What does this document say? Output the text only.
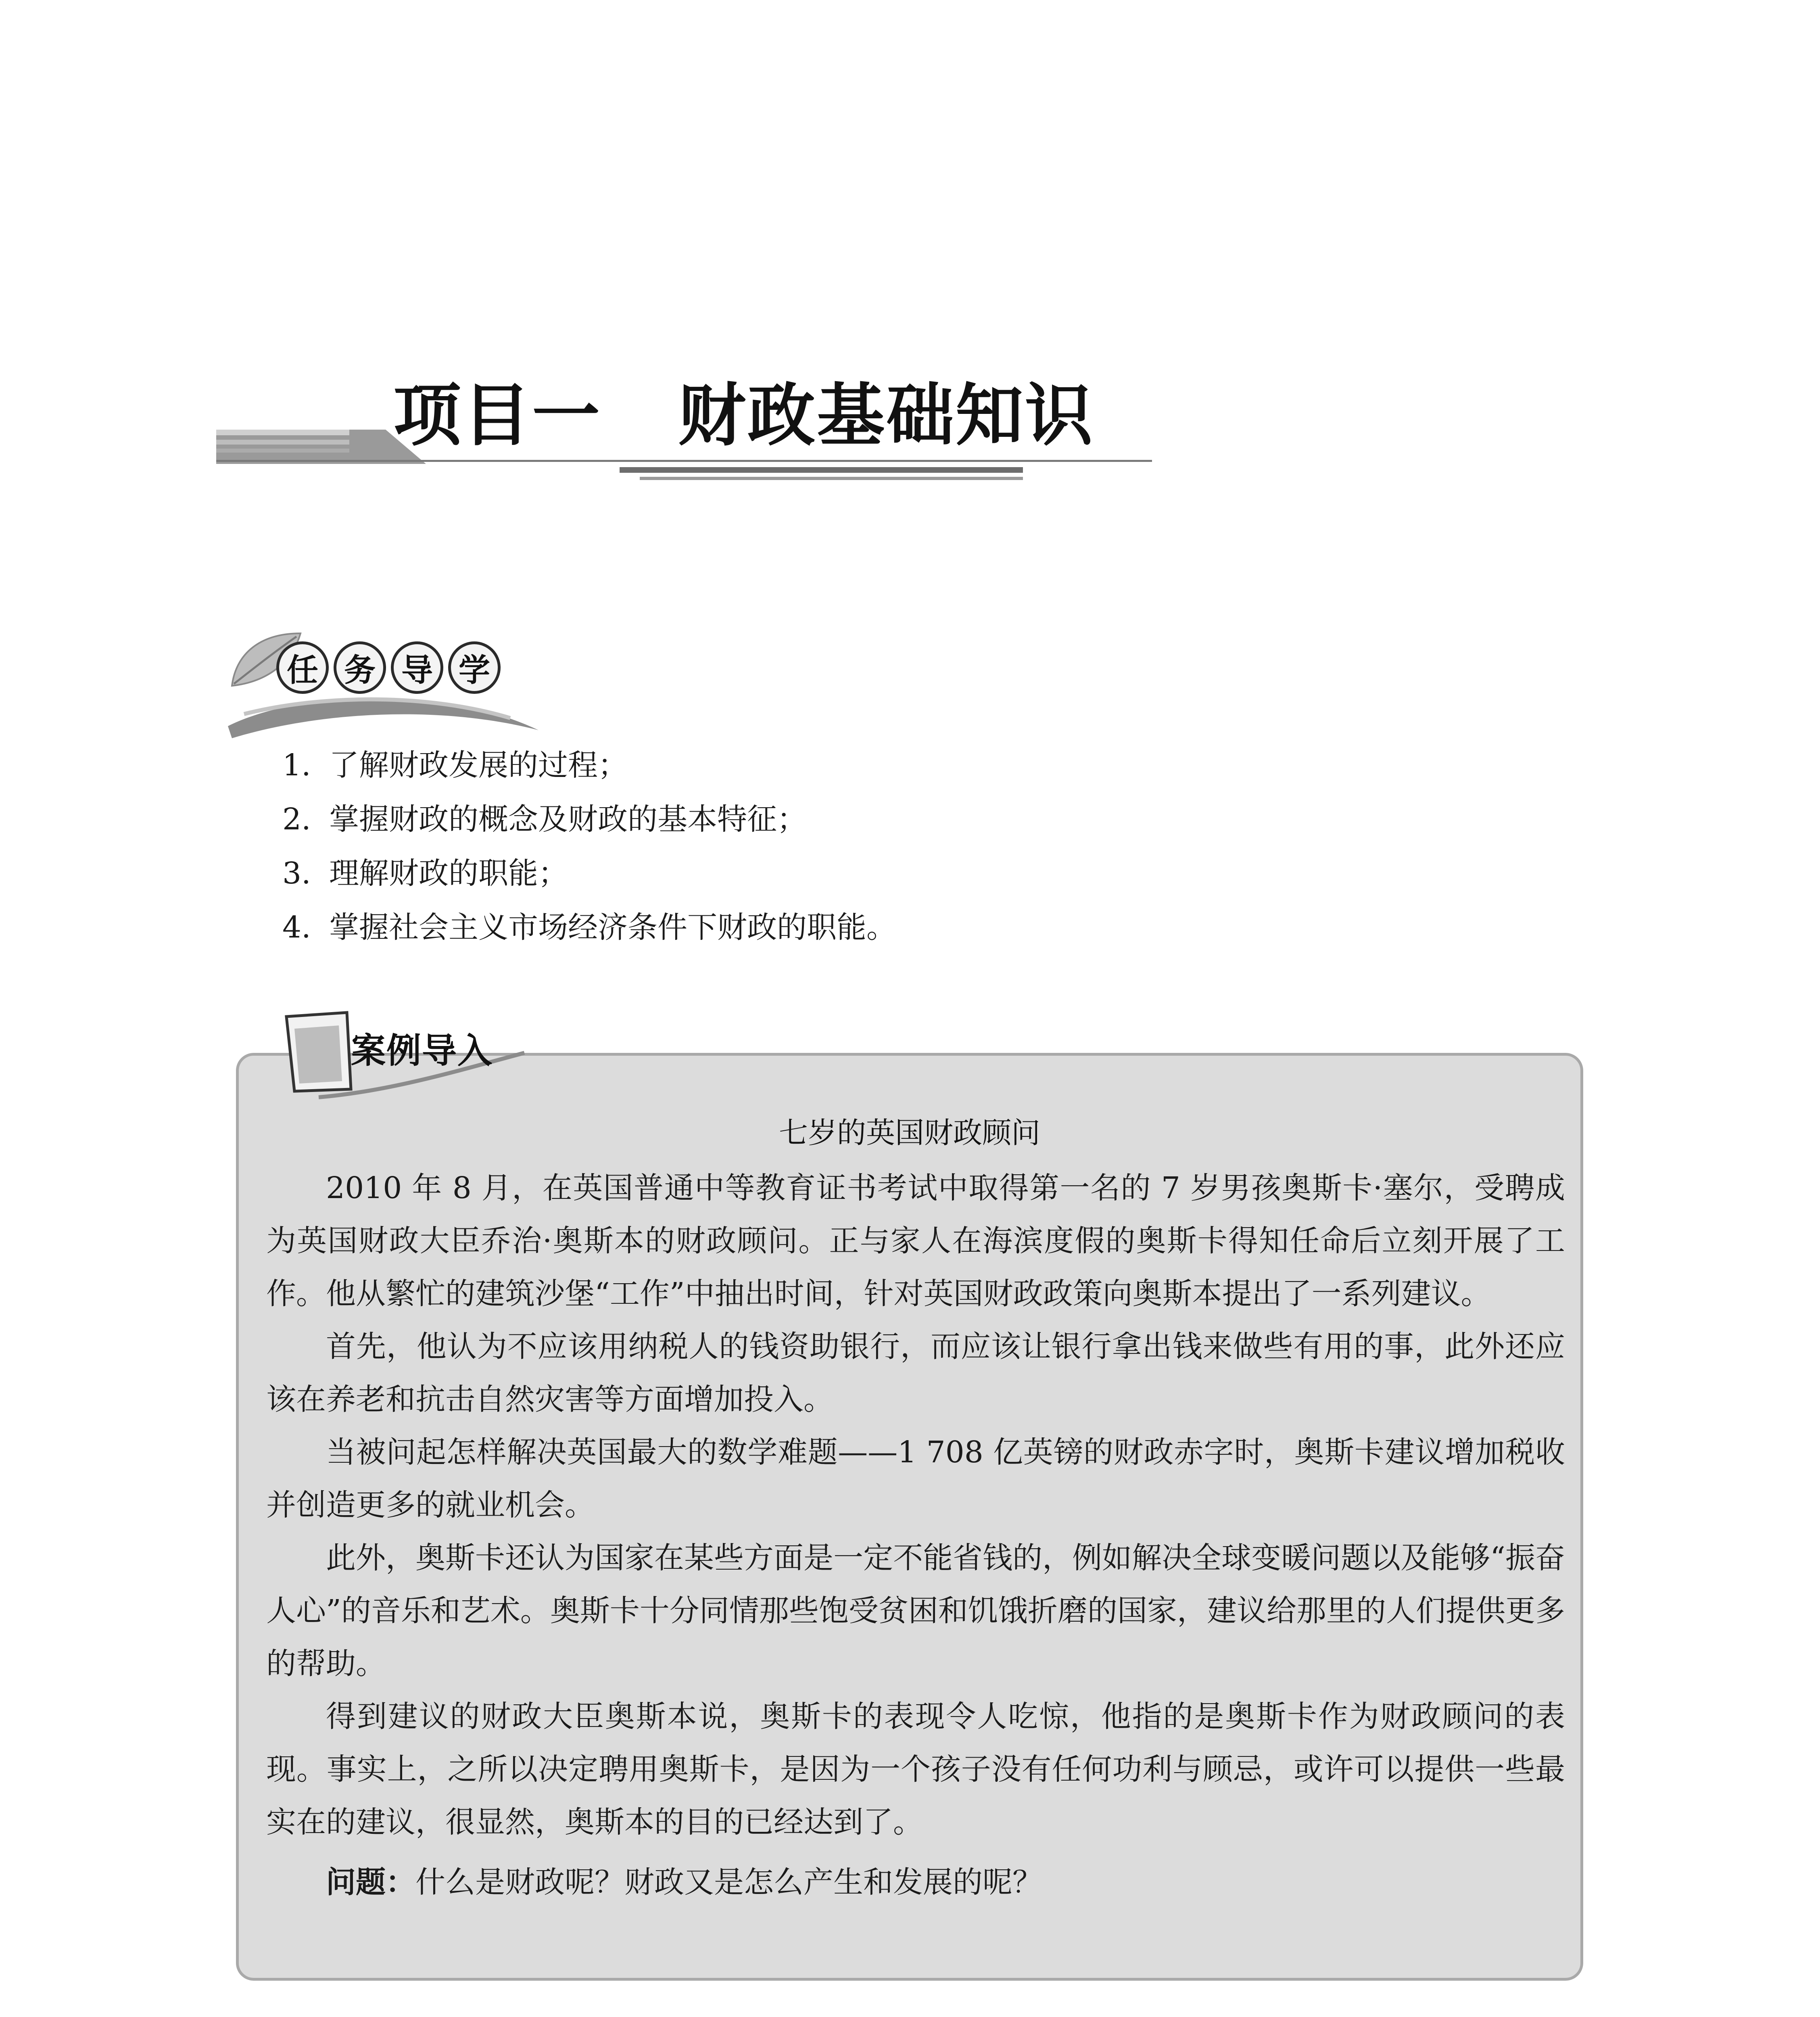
项目一 财政基础知识
任 务 导 学
1. 了解财政发展的过程；
2. 掌握财政的概念及财政的基本特征；
3. 理解财政的职能；
4. 掌握社会主义市场经济条件下财政的职能。
案例导入
七岁的英国财政顾问

2010 年 8 月，在英国普通中等教育证书考试中取得第一名的 7 岁男孩奥斯卡·塞尔，受聘成为英国财政大臣乔治·奥斯本的财政顾问。正与家人在海滨度假的奥斯卡得知任命后立刻开展了工作。他从繁忙的建筑沙堡“工作”中抽出时间，针对英国财政政策向奥斯本提出了一系列建议。

首先，他认为不应该用纳税人的钱资助银行，而应该让银行拿出钱来做些有用的事，此外还应该在养老和抗击自然灾害等方面增加投入。

当被问起怎样解决英国最大的数学难题——1 708 亿英镑的财政赤字时，奥斯卡建议增加税收并创造更多的就业机会。

此外，奥斯卡还认为国家在某些方面是一定不能省钱的，例如解决全球变暖问题以及能够“振奋人心”的音乐和艺术。奥斯卡十分同情那些饱受贫困和饥饿折磨的国家，建议给那里的人们提供更多的帮助。

得到建议的财政大臣奥斯本说，奥斯卡的表现令人吃惊，他指的是奥斯卡作为财政顾问的表现。事实上，之所以决定聘用奥斯卡，是因为一个孩子没有任何功利与顾忌，或许可以提供一些最实在的建议，很显然，奥斯本的目的已经达到了。

问题：什么是财政呢？财政又是怎么产生和发展的呢？
